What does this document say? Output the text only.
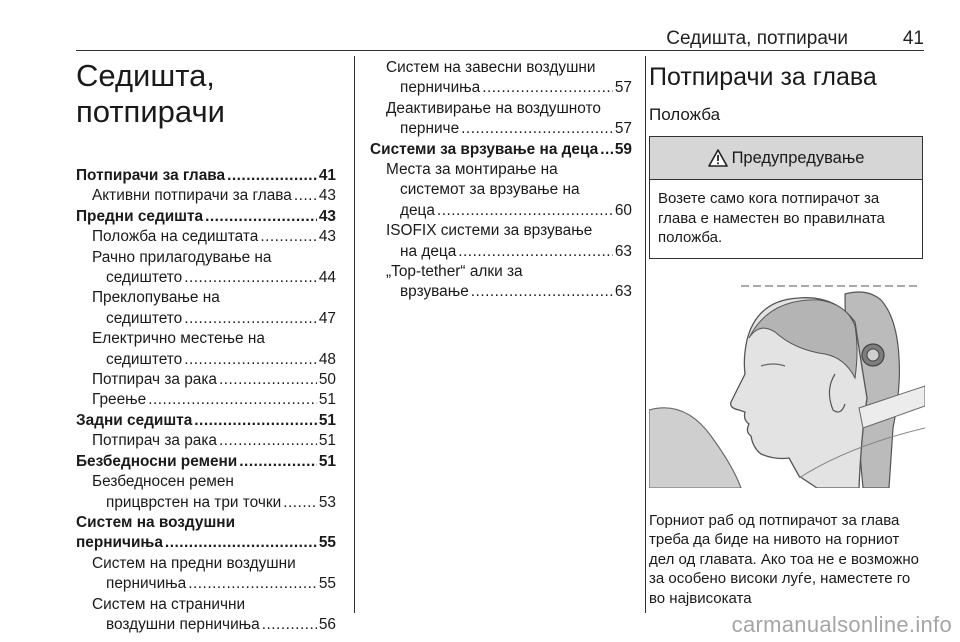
Седишта, потпирачи	41
Седишта,
потпирачи
Потпирачи за глава .....	41
Активни потпирачи за глава ..... 43
Предни седишта .....	43
Положба на седиштата .....	43
Рачно прилагодување на
седиштето .....	44
Преклопување на
седиштето .....	47
Електрично местење на
седиштето .....	48
Потпирач за рака .....	50
Греење .....	51
Задни седишта .....	51
Потпирач за рака .....	51
Безбедносни ремени .....	51
Безбедносен ремен
прицврстен на три точки ..... 53
Систем на воздушни
перничиња .....	55
Систем на предни воздушни
перничиња .....	55
Систем на странични
воздушни перничиња .....	56
Систем на завесни воздушни
перничиња .....	57
Деактивирање на воздушното
перниче .....	57
Системи за врзување на деца ..... 59
Места за монтирање на
системот за врзување на
деца .....	60
ISOFIX системи за врзување
на деца .....	63
„Top-tether“ алки за
врзување .....	63
Потпирачи за глава
Положба
Предупредување
Возете само кога потпирачот за глава е наместен во правилната положба.
Горниот раб од потпирачот за глава треба да биде на нивото на горниот дел од главата. Ако тоа не е возможно за особено високи луѓе, наместете го во највисоката
carmanualsonline.info
